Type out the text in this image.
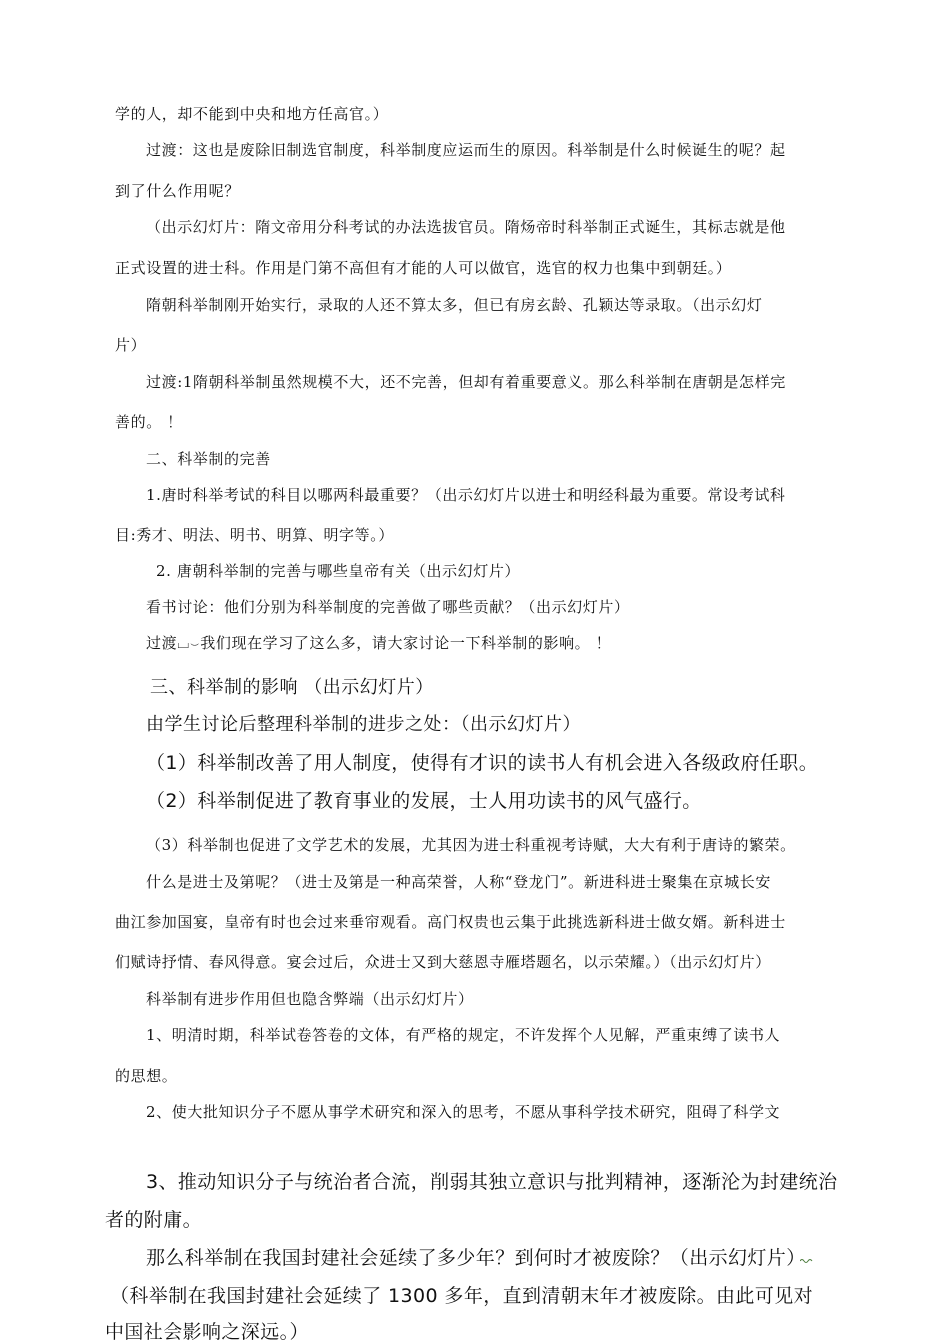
学的人，却不能到中央和地方任高官。）
过渡：这也是废除旧制选官制度，科举制度应运而生的原因。科举制是什么时候诞生的呢？起
到了什么作用呢？
（出示幻灯片：隋文帝用分科考试的办法选拔官员。隋炀帝时科举制正式诞生，其标志就是他
正式设置的进士科。作用是门第不高但有才能的人可以做官，选官的权力也集中到朝廷。）
隋朝科举制刚开始实行，录取的人还不算太多，但已有房玄龄、孔颖达等录取。（出示幻灯
片）
过渡:1隋朝科举制虽然规模不大，还不完善，但却有着重要意义。那么科举制在唐朝是怎样完
善的。 ！
二、科举制的完善
1.唐时科举考试的科目以哪两科最重要？（出示幻灯片以进士和明经科最为重要。常设考试科
目:秀才、明法、明书、明算、明字等。）
2. 唐朝科举制的完善与哪些皇帝有关（出示幻灯片）
看书讨论：他们分别为科举制度的完善做了哪些贡献？（出示幻灯片）
过渡⌴⌣我们现在学习了这么多，请大家讨论一下科举制的影响。 ！
三、科举制的影响 （出示幻灯片）
由学生讨论后整理科举制的进步之处：（出示幻灯片）
（1）科举制改善了用人制度，使得有才识的读书人有机会进入各级政府任职。
（2）科举制促进了教育事业的发展，士人用功读书的风气盛行。
（3）科举制也促进了文学艺术的发展，尤其因为进士科重视考诗赋，大大有利于唐诗的繁荣。
什么是进士及第呢？（进士及第是一种高荣誉，人称“登龙门”。新进科进士聚集在京城长安
曲江参加国宴，皇帝有时也会过来垂帘观看。高门权贵也云集于此挑选新科进士做女婿。新科进士
们赋诗抒情、春风得意。宴会过后，众进士又到大慈恩寺雁塔题名，以示荣耀。）（出示幻灯片）
科举制有进步作用但也隐含弊端（出示幻灯片）
1、明清时期，科举试卷答卷的文体，有严格的规定，不许发挥个人见解，严重束缚了读书人
的思想。
2、使大批知识分子不愿从事学术研究和深入的思考，不愿从事科学技术研究，阻碍了科学文
3、推动知识分子与统治者合流，削弱其独立意识与批判精神，逐渐沦为封建统治
者的附庸。
那么科举制在我国封建社会延续了多少年？到何时才被废除？（出示幻灯片）
（科举制在我国封建社会延续了 1300 多年，直到清朝末年才被废除。由此可见对
中国社会影响之深远。）
